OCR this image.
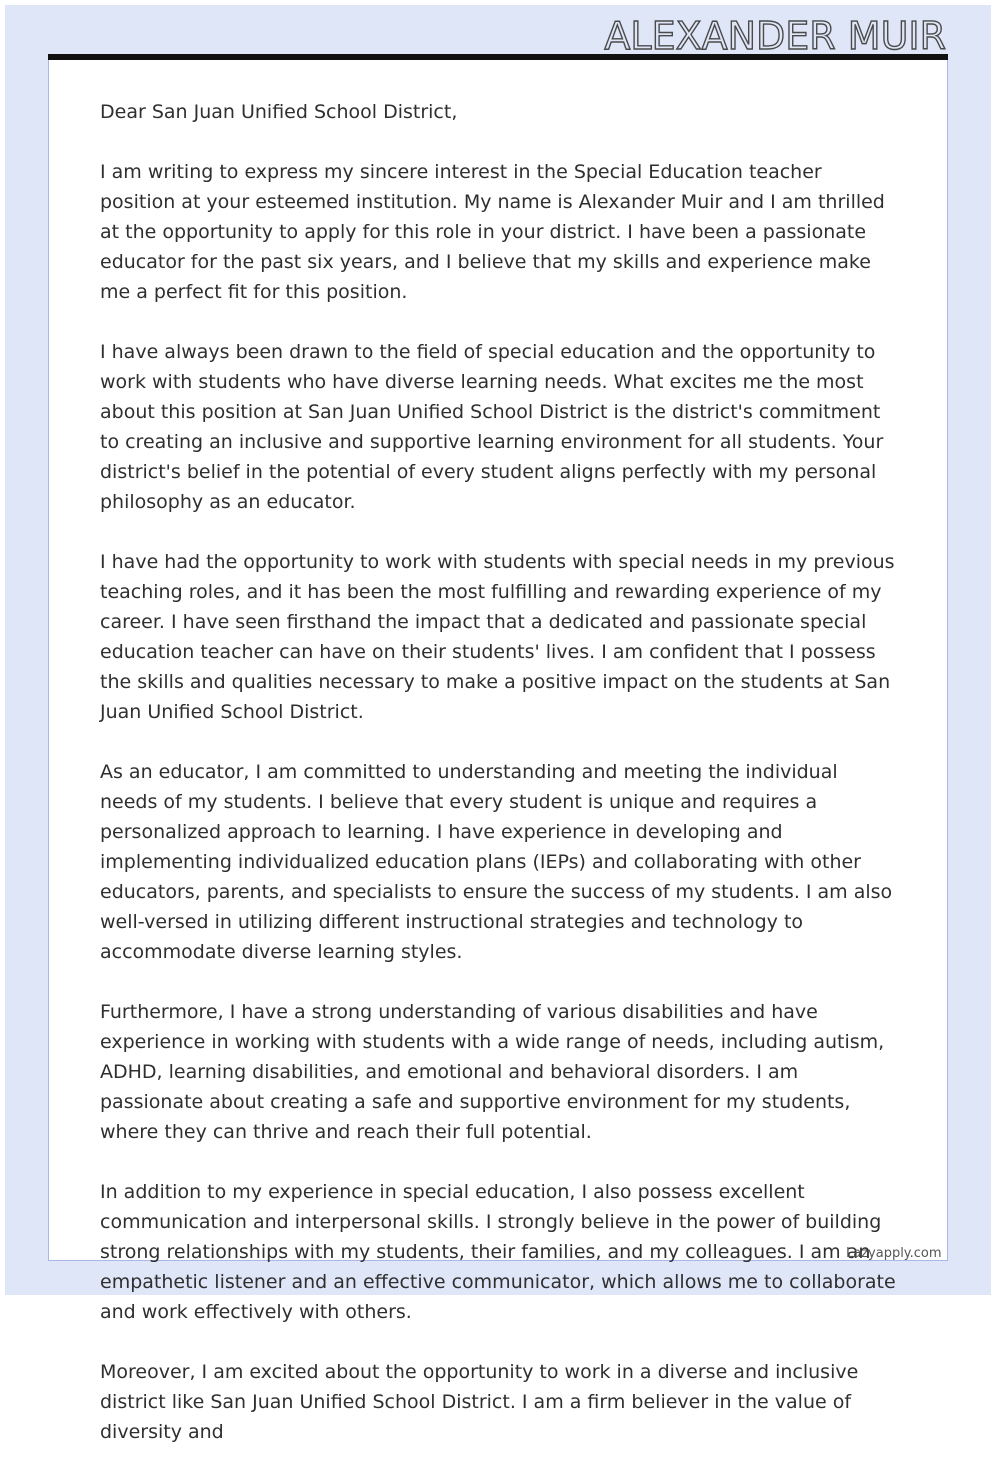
ALEXANDER MUIR

Dear San Juan Unified School District,

I am writing to express my sincere interest in the Special Education teacher position at your esteemed institution. My name is Alexander Muir and I am thrilled at the opportunity to apply for this role in your district. I have been a passionate educator for the past six years, and I believe that my skills and experience make me a perfect fit for this position.

I have always been drawn to the field of special education and the opportunity to work with students who have diverse learning needs. What excites me the most about this position at San Juan Unified School District is the district's commitment to creating an inclusive and supportive learning environment for all students. Your district's belief in the potential of every student aligns perfectly with my personal philosophy as an educator.

I have had the opportunity to work with students with special needs in my previous teaching roles, and it has been the most fulfilling and rewarding experience of my career. I have seen firsthand the impact that a dedicated and passionate special education teacher can have on their students' lives. I am confident that I possess the skills and qualities necessary to make a positive impact on the students at San Juan Unified School District.

As an educator, I am committed to understanding and meeting the individual needs of my students. I believe that every student is unique and requires a personalized approach to learning. I have experience in developing and implementing individualized education plans (IEPs) and collaborating with other educators, parents, and specialists to ensure the success of my students. I am also well-versed in utilizing different instructional strategies and technology to accommodate diverse learning styles.

Furthermore, I have a strong understanding of various disabilities and have experience in working with students with a wide range of needs, including autism, ADHD, learning disabilities, and emotional and behavioral disorders. I am passionate about creating a safe and supportive environment for my students, where they can thrive and reach their full potential.

In addition to my experience in special education, I also possess excellent communication and interpersonal skills. I strongly believe in the power of building strong relationships with my students, their families, and my colleagues. I am an empathetic listener and an effective communicator, which allows me to collaborate and work effectively with others.

Moreover, I am excited about the opportunity to work in a diverse and inclusive district like San Juan Unified School District. I am a firm believer in the value of diversity and

Lazyapply.com
